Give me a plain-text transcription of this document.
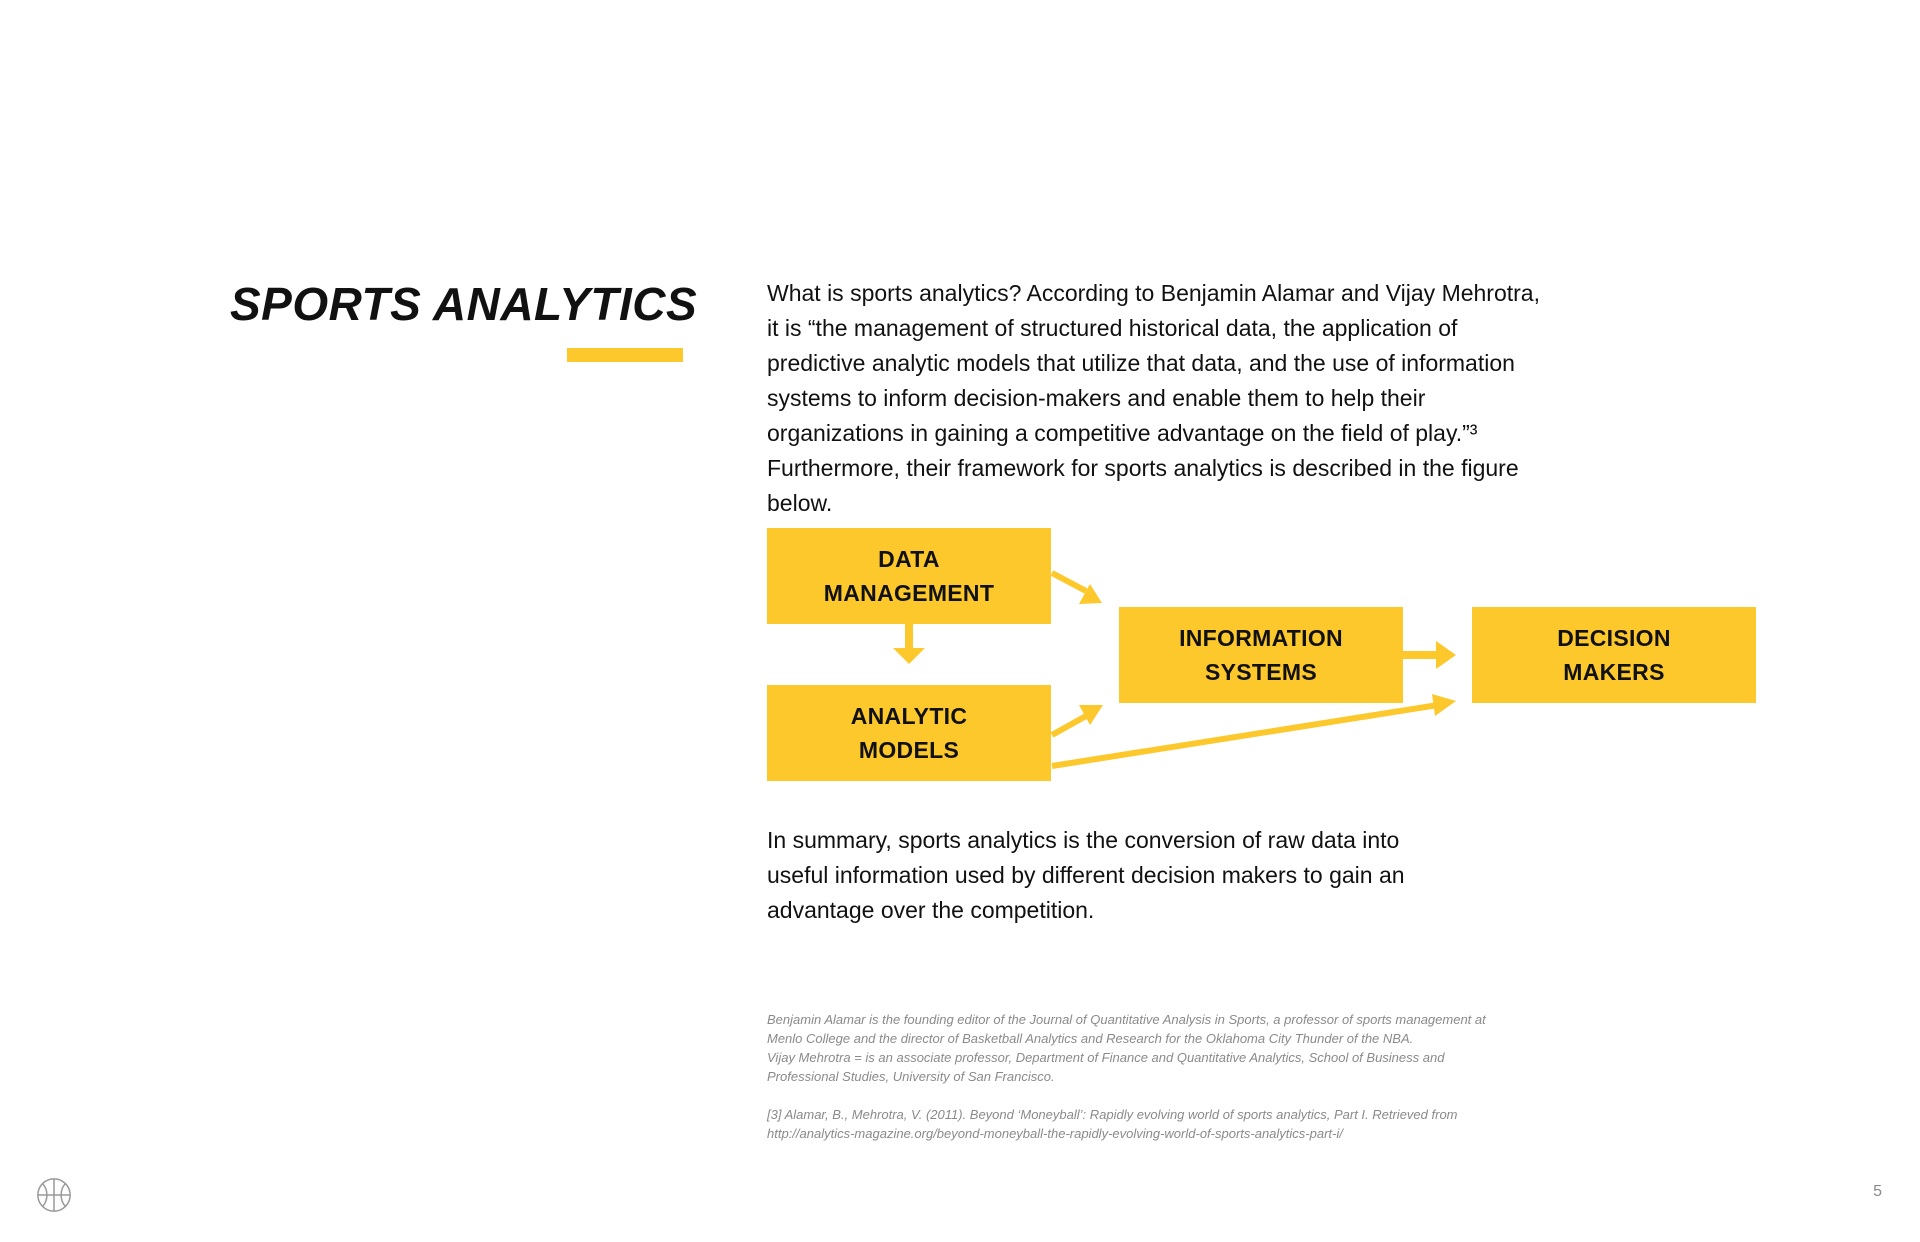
SPORTS ANALYTICS	What is sports analytics? According to Benjamin Alamar and Vijay Mehrotra, it is “the management of structured historical data, the application of predictive analytic models that utilize that data, and the use of information systems to inform decision-makers and enable them to help their organizations in gaining a competitive advantage on the field of play.”³ Furthermore, their framework for sports analytics is described in the figure below.

DATA
MANAGEMENT
ANALYTIC
MODELS
INFORMATION
SYSTEMS
DECISION
MAKERS

In summary, sports analytics is the conversion of raw data into useful information used by different decision makers to gain an advantage over the competition.

Benjamin Alamar is the founding editor of the Journal of Quantitative Analysis in Sports, a professor of sports management at

Menlo College and the director of Basketball Analytics and Research for the Oklahoma City Thunder of the NBA.

Vijay Mehrotra = is an associate professor, Department of Finance and Quantitative Analytics, School of Business and

Professional Studies, University of San Francisco.

[3] Alamar, B., Mehrotra, V. (2011). Beyond ‘Moneyball’: Rapidly evolving world of sports analytics, Part I. Retrieved from

http://analytics-magazine.org/beyond-moneyball-the-rapidly-evolving-world-of-sports-analytics-part-i/

5
